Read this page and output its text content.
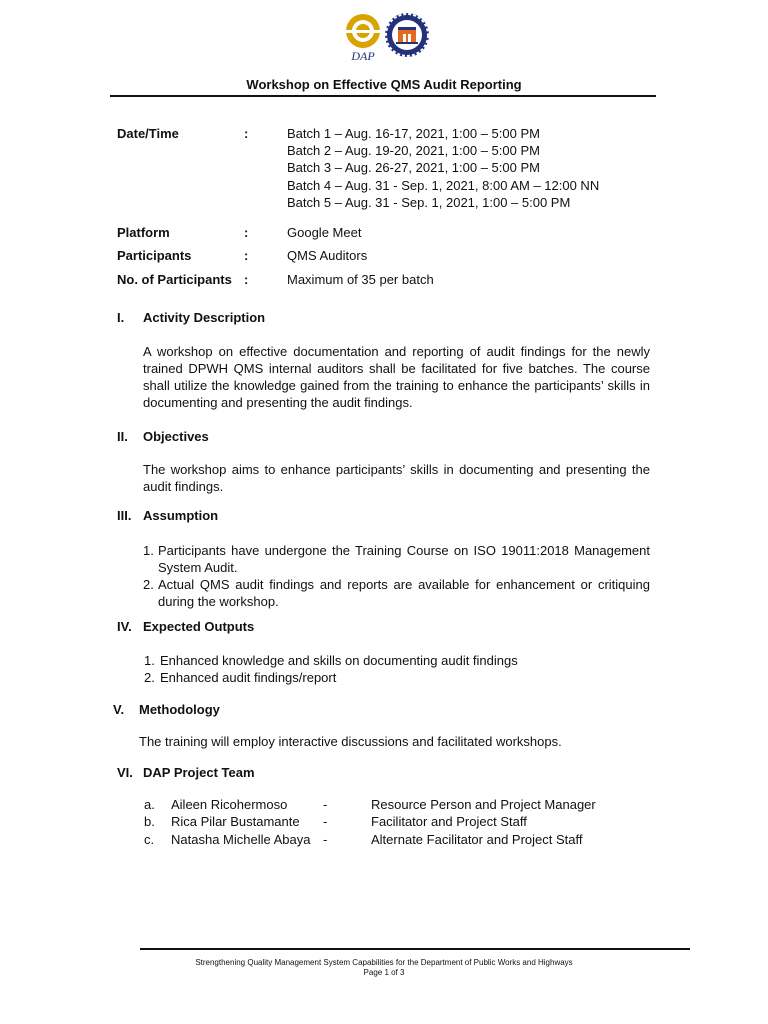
DAP
Workshop on Effective QMS Audit Reporting
Date/Time	:	Batch 1 – Aug. 16-17, 2021, 1:00 – 5:00 PM
Batch 2 – Aug. 19-20, 2021, 1:00 – 5:00 PM
Batch 3 – Aug. 26-27, 2021, 1:00 – 5:00 PM
Batch 4 – Aug. 31 - Sep. 1, 2021, 8:00 AM – 12:00 NN
Batch 5 – Aug. 31 - Sep. 1, 2021, 1:00 – 5:00 PM
Platform	:	Google Meet
Participants	:	QMS Auditors
No. of Participants :	Maximum of 35 per batch
I. Activity Description
A workshop on effective documentation and reporting of audit findings for the newly trained DPWH QMS internal auditors shall be facilitated for five batches. The course shall utilize the knowledge gained from the training to enhance the participants’ skills in documenting and presenting the audit findings.
II. Objectives
The workshop aims to enhance participants’ skills in documenting and presenting the audit findings.
III. Assumption
1. Participants have undergone the Training Course on ISO 19011:2018 Management System Audit.
2. Actual QMS audit findings and reports are available for enhancement or critiquing during the workshop.
IV. Expected Outputs
1. Enhanced knowledge and skills on documenting audit findings
2. Enhanced audit findings/report
V. Methodology
The training will employ interactive discussions and facilitated workshops.
VI. DAP Project Team
a. Aileen Ricohermoso	-	Resource Person and Project Manager
b. Rica Pilar Bustamante -	Facilitator and Project Staff
c. Natasha Michelle Abaya -	Alternate Facilitator and Project Staff
Strengthening Quality Management System Capabilities for the Department of Public Works and Highways
Page 1 of 3
